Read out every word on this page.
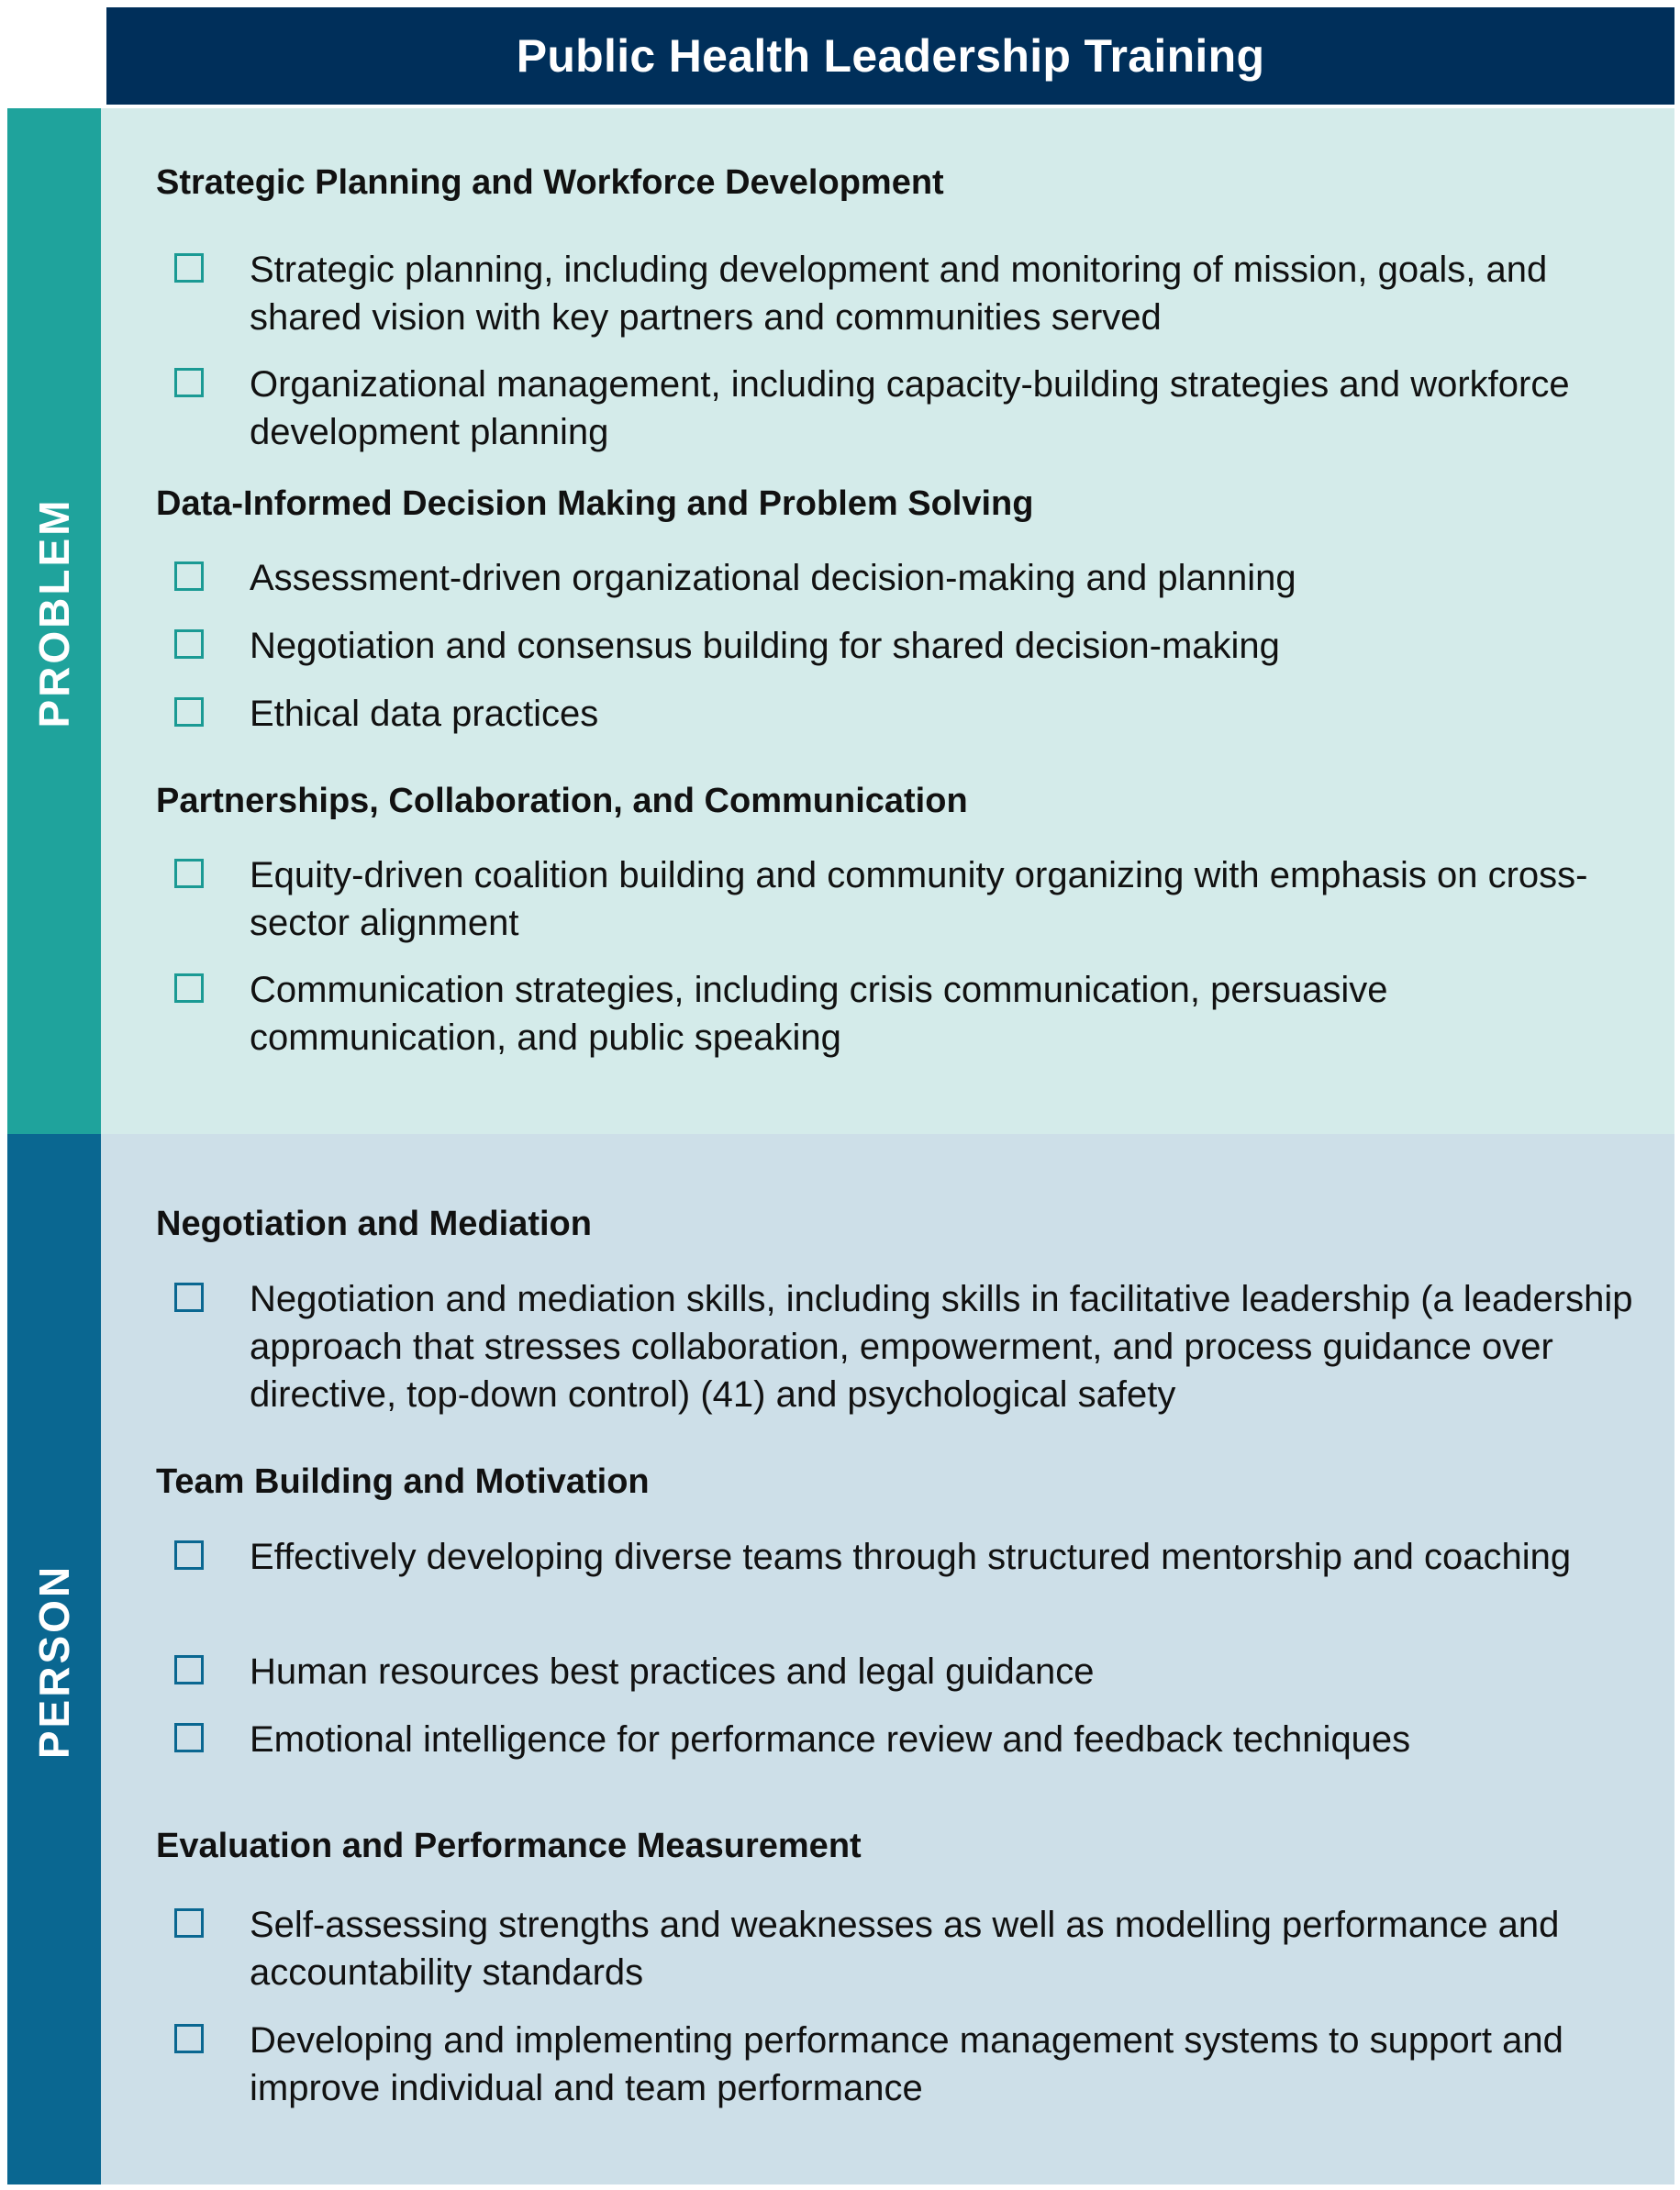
Public Health Leadership Training
PROBLEM
Strategic Planning and Workforce Development
Strategic planning, including development and monitoring of mission, goals, and shared vision with key partners and communities served
Organizational management, including capacity-building strategies and workforce development planning
Data-Informed Decision Making and Problem Solving
Assessment-driven organizational decision-making and planning
Negotiation and consensus building for shared decision-making
Ethical data practices
Partnerships, Collaboration, and Communication
Equity-driven coalition building and community organizing with emphasis on cross-sector alignment
Communication strategies, including crisis communication, persuasive communication, and public speaking
PERSON
Negotiation and Mediation
Negotiation and mediation skills, including skills in facilitative leadership (a leadership approach that stresses collaboration, empowerment, and process guidance over directive, top-down control) (41) and psychological safety
Team Building and Motivation
Effectively developing diverse teams through structured mentorship and coaching
Human resources best practices and legal guidance
Emotional intelligence for performance review and feedback techniques
Evaluation and Performance Measurement
Self-assessing strengths and weaknesses as well as modelling performance and accountability standards
Developing and implementing performance management systems to support and improve individual and team performance
